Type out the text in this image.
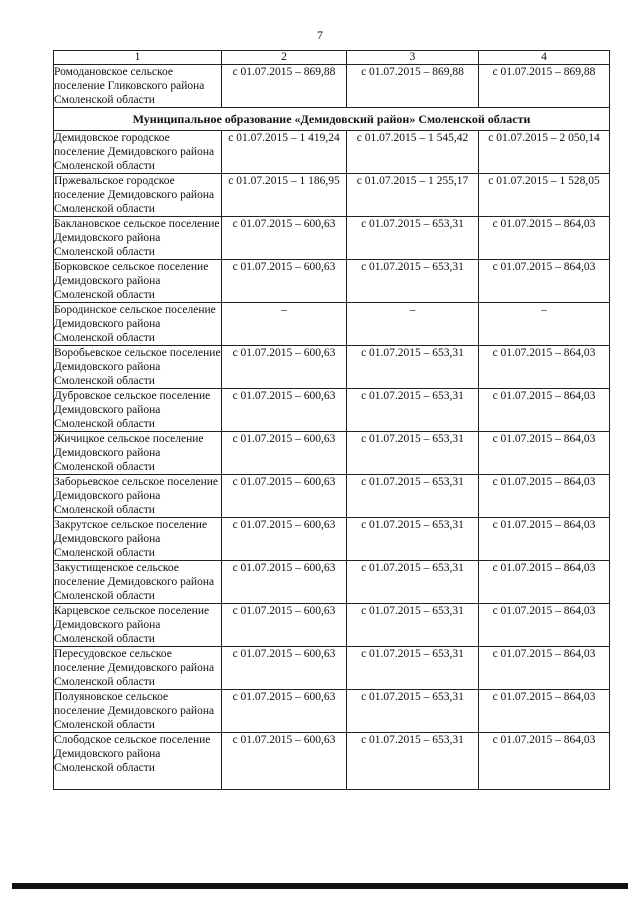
7
1	2	3	4
Ромодановское сельское поселение Гликовского района Смоленской области	с 01.07.2015 – 869,88	с 01.07.2015 – 869,88	с 01.07.2015 – 869,88
Муниципальное образование «Демидовский район» Смоленской области			
Демидовское городское поселение Демидовского района Смоленской области	с 01.07.2015 – 1 419,24	с 01.07.2015 – 1 545,42	с 01.07.2015 – 2 050,14
Пржевальское городское поселение Демидовского района Смоленской области	с 01.07.2015 – 1 186,95	с 01.07.2015 – 1 255,17	с 01.07.2015 – 1 528,05
Баклановское сельское поселение Демидовского района Смоленской области	с 01.07.2015 – 600,63	с 01.07.2015 – 653,31	с 01.07.2015 – 864,03
Борковское сельское поселение Демидовского района Смоленской области	с 01.07.2015 – 600,63	с 01.07.2015 – 653,31	с 01.07.2015 – 864,03
Бородинское сельское поселение Демидовского района Смоленской области	–	–	–
Воробьевское сельское поселение Демидовского района Смоленской области	с 01.07.2015 – 600,63	с 01.07.2015 – 653,31	с 01.07.2015 – 864,03
Дубровское сельское поселение Демидовского района Смоленской области	с 01.07.2015 – 600,63	с 01.07.2015 – 653,31	с 01.07.2015 – 864,03
Жичицкое сельское поселение Демидовского района Смоленской области	с 01.07.2015 – 600,63	с 01.07.2015 – 653,31	с 01.07.2015 – 864,03
Заборьевское сельское поселение Демидовского района Смоленской области	с 01.07.2015 – 600,63	с 01.07.2015 – 653,31	с 01.07.2015 – 864,03
Закрутское сельское поселение Демидовского района Смоленской области	с 01.07.2015 – 600,63	с 01.07.2015 – 653,31	с 01.07.2015 – 864,03
Закустищенское сельское поселение Демидовского района Смоленской области	с 01.07.2015 – 600,63	с 01.07.2015 – 653,31	с 01.07.2015 – 864,03
Карцевское сельское поселение Демидовского района Смоленской области	с 01.07.2015 – 600,63	с 01.07.2015 – 653,31	с 01.07.2015 – 864,03
Пересудовское сельское поселение Демидовского района Смоленской области	с 01.07.2015 – 600,63	с 01.07.2015 – 653,31	с 01.07.2015 – 864,03
Полуяновское сельское поселение Демидовского района Смоленской области	с 01.07.2015 – 600,63	с 01.07.2015 – 653,31	с 01.07.2015 – 864,03
Слободское сельское поселение Демидовского района Смоленской области	с 01.07.2015 – 600,63	с 01.07.2015 – 653,31	с 01.07.2015 – 864,03
